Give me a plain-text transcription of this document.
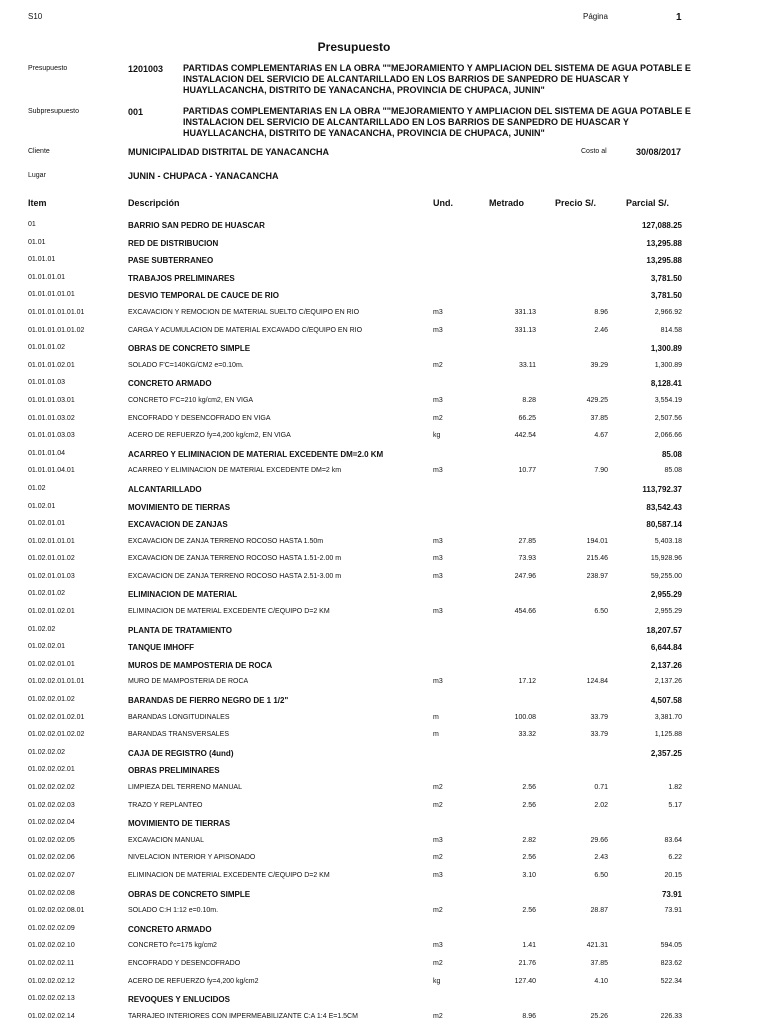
S10	Página	1
Presupuesto
Presupuesto	1201003 PARTIDAS COMPLEMENTARIAS EN LA OBRA ""MEJORAMIENTO Y AMPLIACION DEL SISTEMA DE AGUA POTABLE E INSTALACION DEL SERVICIO DE ALCANTARILLADO EN LOS BARRIOS DE SANPEDRO DE HUASCAR Y HUAYLLACANCHA, DISTRITO DE YANACANCHA, PROVINCIA DE CHUPACA, JUNIN"
Subpresupuesto	001	PARTIDAS COMPLEMENTARIAS EN LA OBRA ""MEJORAMIENTO Y AMPLIACION DEL SISTEMA DE AGUA POTABLE E INSTALACION DEL SERVICIO DE ALCANTARILLADO EN LOS BARRIOS DE SANPEDRO DE HUASCAR Y HUAYLLACANCHA, DISTRITO DE YANACANCHA, PROVINCIA DE CHUPACA, JUNIN"
Cliente	MUNICIPALIDAD DISTRITAL DE YANACANCHA	Costo al	30/08/2017
Lugar	JUNIN - CHUPACA - YANACANCHA
Item	Descripción	Und.	Metrado	Precio S/.	Parcial S/.
01	BARRIO SAN PEDRO DE HUASCAR	127,088.25
01.01	RED DE DISTRIBUCION	13,295.88
01.01.01	PASE SUBTERRANEO	13,295.88
01.01.01.01	TRABAJOS PRELIMINARES	3,781.50
01.01.01.01.01	DESVIO TEMPORAL DE CAUCE DE RIO	3,781.50
01.01.01.01.01.01	EXCAVACION Y REMOCION DE MATERIAL SUELTO C/EQUIPO EN RIO	m3	331.13	8.96	2,966.92
01.01.01.01.01.02	CARGA Y ACUMULACION DE MATERIAL EXCAVADO C/EQUIPO EN RIO	m3	331.13	2.46	814.58
01.01.01.02	OBRAS DE CONCRETO SIMPLE	1,300.89
01.01.01.02.01	SOLADO F'C=140KG/CM2 e=0.10m.	m2	33.11	39.29	1,300.89
01.01.01.03	CONCRETO ARMADO	8,128.41
01.01.01.03.01	CONCRETO F'C=210 kg/cm2, EN VIGA	m3	8.28	429.25	3,554.19
01.01.01.03.02	ENCOFRADO Y DESENCOFRADO EN VIGA	m2	66.25	37.85	2,507.56
01.01.01.03.03	ACERO DE REFUERZO fy=4,200 kg/cm2, EN VIGA	kg	442.54	4.67	2,066.66
01.01.01.04	ACARREO Y ELIMINACION DE MATERIAL EXCEDENTE DM=2.0 KM	85.08
01.01.01.04.01	ACARREO Y ELIMINACION DE MATERIAL EXCEDENTE DM=2 km	m3	10.77	7.90	85.08
01.02	ALCANTARILLADO	113,792.37
01.02.01	MOVIMIENTO DE TIERRAS	83,542.43
01.02.01.01	EXCAVACION DE ZANJAS	80,587.14
01.02.01.01.01	EXCAVACION DE ZANJA TERRENO ROCOSO HASTA 1.50m	m3	27.85	194.01	5,403.18
01.02.01.01.02	EXCAVACION DE ZANJA TERRENO ROCOSO HASTA 1.51-2.00 m	m3	73.93	215.46	15,928.96
01.02.01.01.03	EXCAVACION DE ZANJA TERRENO ROCOSO HASTA 2.51-3.00 m	m3	247.96	238.97	59,255.00
01.02.01.02	ELIMINACION DE MATERIAL	2,955.29
01.02.01.02.01	ELIMINACION DE MATERIAL EXCEDENTE C/EQUIPO D=2 KM	m3	454.66	6.50	2,955.29
01.02.02	PLANTA DE TRATAMIENTO	18,207.57
01.02.02.01	TANQUE IMHOFF	6,644.84
01.02.02.01.01	MUROS DE MAMPOSTERIA DE ROCA	2,137.26
01.02.02.01.01.01	MURO DE MAMPOSTERIA DE ROCA	m3	17.12	124.84	2,137.26
01.02.02.01.02	BARANDAS DE FIERRO NEGRO DE 1 1/2"	4,507.58
01.02.02.01.02.01	BARANDAS LONGITUDINALES	m	100.08	33.79	3,381.70
01.02.02.01.02.02	BARANDAS TRANSVERSALES	m	33.32	33.79	1,125.88
01.02.02.02	CAJA DE REGISTRO (4und)	2,357.25
01.02.02.02.01	OBRAS PRELIMINARES
01.02.02.02.02	LIMPIEZA DEL TERRENO MANUAL	m2	2.56	0.71	1.82
01.02.02.02.03	TRAZO Y REPLANTEO	m2	2.56	2.02	5.17
01.02.02.02.04	MOVIMIENTO DE TIERRAS
01.02.02.02.05	EXCAVACION MANUAL	m3	2.82	29.66	83.64
01.02.02.02.06	NIVELACION INTERIOR Y APISONADO	m2	2.56	2.43	6.22
01.02.02.02.07	ELIMINACION DE MATERIAL EXCEDENTE C/EQUIPO D=2 KM	m3	3.10	6.50	20.15
01.02.02.02.08	OBRAS DE CONCRETO SIMPLE	73.91
01.02.02.02.08.01	SOLADO C:H 1:12 e=0.10m.	m2	2.56	28.87	73.91
01.02.02.02.09	CONCRETO ARMADO
01.02.02.02.10	CONCRETO f'c=175 kg/cm2	m3	1.41	421.31	594.05
01.02.02.02.11	ENCOFRADO Y DESENCOFRADO	m2	21.76	37.85	823.62
01.02.02.02.12	ACERO DE REFUERZO fy=4,200 kg/cm2	kg	127.40	4.10	522.34
01.02.02.02.13	REVOQUES Y ENLUCIDOS
01.02.02.02.14	TARRAJEO INTERIORES CON IMPERMEABILIZANTE C:A 1:4 E=1.5CM	m2	8.96	25.26	226.33
